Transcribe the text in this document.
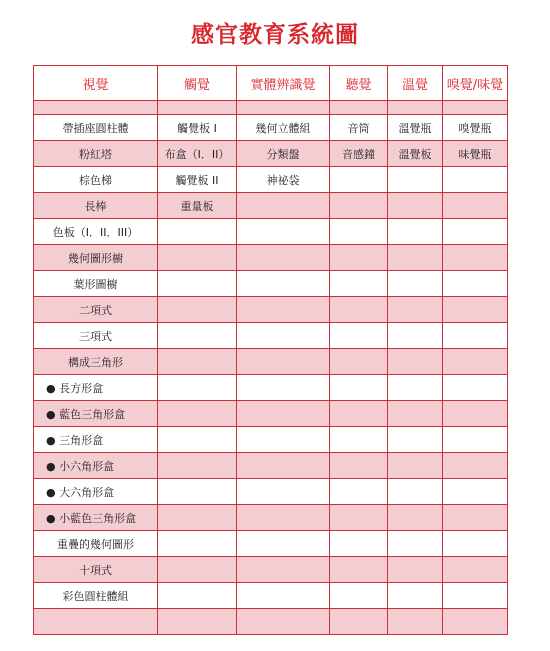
感官教育系統圖
視覺	觸覺	實體辨識覺	聽覺	溫覺	嗅覺/味覺

帶插座圓柱體	觸覺板 I	幾何立體組	音筒	溫覺瓶	嗅覺瓶
粉紅塔	布盒（I．II）	分類盤	音感鐘	溫覺板	味覺瓶
棕色梯	觸覺板 II	神祕袋			
長棒	重量板				
色板（I．II．III）					
幾何圖形櫥					
葉形圖櫥					
二項式					
三項式					
構成三角形					
● 長方形盒					
● 藍色三角形盒					
● 三角形盒					
● 小六角形盒					
● 大六角形盒					
● 小藍色三角形盒					
重疊的幾何圖形					
十項式					
彩色圓柱體組					
